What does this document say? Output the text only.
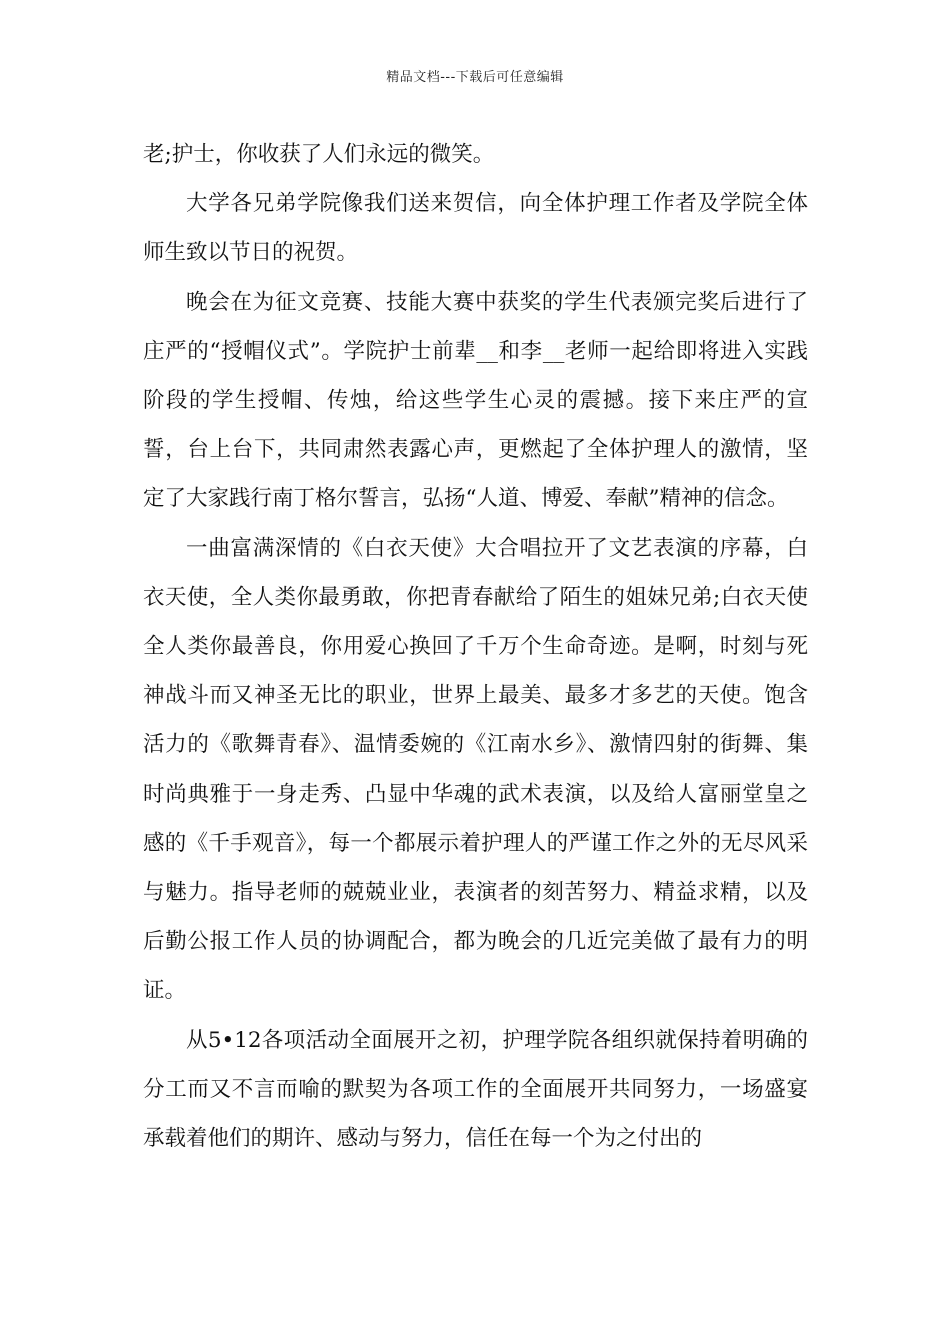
精品文档---下载后可任意编辑

老;护士，你收获了人们永远的微笑。

大学各兄弟学院像我们送来贺信，向全体护理工作者及学院全体师生致以节日的祝贺。

晚会在为征文竞赛、技能大赛中获奖的学生代表颁完奖后进行了庄严的“授帽仪式”。学院护士前辈__和李__老师一起给即将进入实践阶段的学生授帽、传烛，给这些学生心灵的震撼。接下来庄严的宣誓，台上台下，共同肃然表露心声，更燃起了全体护理人的激情，坚定了大家践行南丁格尔誓言，弘扬“人道、博爱、奉献”精神的信念。

一曲富满深情的《白衣天使》大合唱拉开了文艺表演的序幕，白衣天使，全人类你最勇敢，你把青春献给了陌生的姐妹兄弟;白衣天使全人类你最善良，你用爱心换回了千万个生命奇迹。是啊，时刻与死神战斗而又神圣无比的职业，世界上最美、最多才多艺的天使。饱含活力的《歌舞青春》、温情委婉的《江南水乡》、激情四射的街舞、集时尚典雅于一身走秀、凸显中华魂的武术表演，以及给人富丽堂皇之感的《千手观音》，每一个都展示着护理人的严谨工作之外的无尽风采与魅力。指导老师的兢兢业业，表演者的刻苦努力、精益求精，以及后勤公报工作人员的协调配合，都为晚会的几近完美做了最有力的明证。

从5•12各项活动全面展开之初，护理学院各组织就保持着明确的分工而又不言而喻的默契为各项工作的全面展开共同努力，一场盛宴承载着他们的期许、感动与努力，信任在每一个为之付出的
